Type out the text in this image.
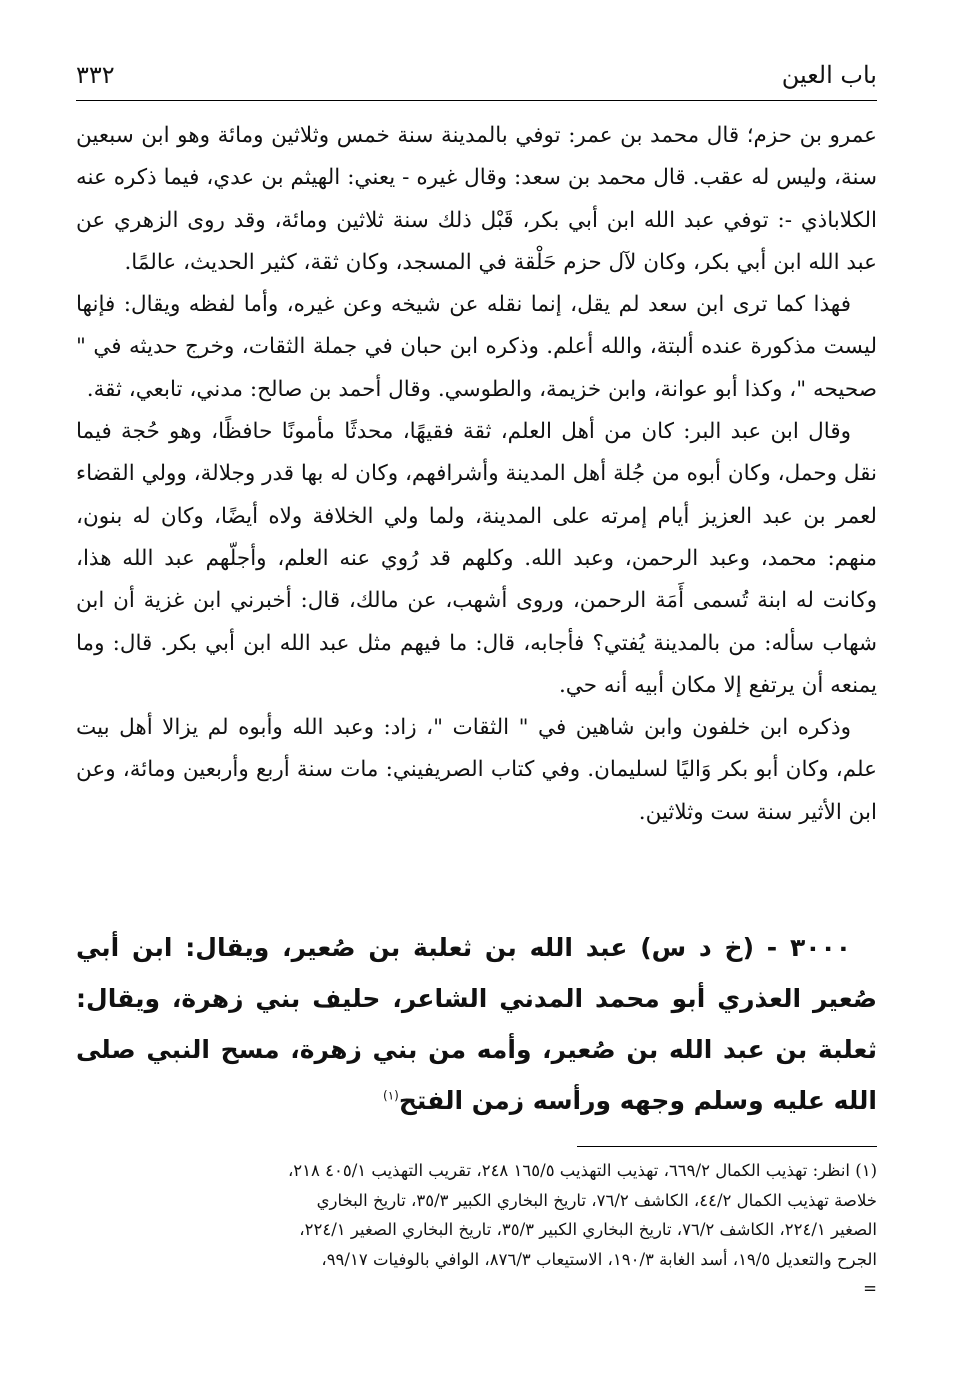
باب العين
٣٣٢

عمرو بن حزم؛ قال محمد بن عمر: توفي بالمدينة سنة خمس وثلاثين ومائة وهو ابن سبعين سنة، وليس له عقب. قال محمد بن سعد: وقال غيره - يعني: الهيثم بن عدي، فيما ذكره عنه الكلاباذي -: توفي عبد الله ابن أبي بكر، قَبْل ذلك سنة ثلاثين ومائة، وقد روى الزهري عن عبد الله ابن أبي بكر، وكان لآل حزم حَلْقة في المسجد، وكان ثقة، كثير الحديث، عالمًا.

فهذا كما ترى ابن سعد لم يقل، إنما نقله عن شيخه وعن غيره، وأما لفظه ويقال: فإنها ليست مذكورة عنده ألبتة، والله أعلم. وذكره ابن حبان في جملة الثقات، وخرج حديثه في " صحيحه "، وكذا أبو عوانة، وابن خزيمة، والطوسي. وقال أحمد بن صالح: مدني، تابعي، ثقة.

وقال ابن عبد البر: كان من أهل العلم، ثقة فقيهًا، محدثًا مأمونًا حافظًا، وهو حُجة فيما نقل وحمل، وكان أبوه من جُلة أهل المدينة وأشرافهم، وكان له بها قدر وجلالة، وولي القضاء لعمر بن عبد العزيز أيام إمرته على المدينة، ولما ولي الخلافة ولاه أيضًا، وكان له بنون، منهم: محمد، وعبد الرحمن، وعبد الله. وكلهم قد رُوي عنه العلم، وأجلّهم عبد الله هذا، وكانت له ابنة تُسمى أَمَة الرحمن، وروى أشهب، عن مالك، قال: أخبرني ابن غزية أن ابن شهاب سأله: من بالمدينة يُفتي؟ فأجابه، قال: ما فيهم مثل عبد الله ابن أبي بكر. قال: وما يمنعه أن يرتفع إلا مكان أبيه أنه حي.

وذكره ابن خلفون وابن شاهين في " الثقات "، زاد: وعبد الله وأبوه لم يزالا أهل بيت علم، وكان أبو بكر وَاليًا لسليمان. وفي كتاب الصريفيني: مات سنة أربع وأربعين ومائة، وعن ابن الأثير سنة ست وثلاثين.

٣٠٠٠ - (خ د س) عبد الله بن ثعلبة بن صُعير، ويقال: ابن أبي صُعير العذري أبو محمد المدني الشاعر، حليف بني زهرة، ويقال: ثعلبة بن عبد الله بن صُعير، وأمه من بني زهرة، مسح النبي صلى الله عليه وسلم وجهه ورأسه زمن الفتح$^{(١)}$
(١) انظر: تهذيب الكمال ٦٦٩/٢، تهذيب التهذيب ١٦٥/٥ ٢٤٨، تقريب التهذيب ٤٠٥/١ ٢١٨،
خلاصة تهذيب الكمال ٤٤/٢، الكاشف ٧٦/٢، تاريخ البخاري الكبير ٣٥/٣، تاريخ البخاري
الصغير ٢٢٤/١، الكاشف ٧٦/٢، تاريخ البخاري الكبير ٣٥/٣، تاريخ البخاري الصغير ٢٢٤/١،
الجرح والتعديل ١٩/٥، أسد الغابة ١٩٠/٣، الاستيعاب ٨٧٦/٣، الوافي بالوفيات ٩٩/١٧،
=
